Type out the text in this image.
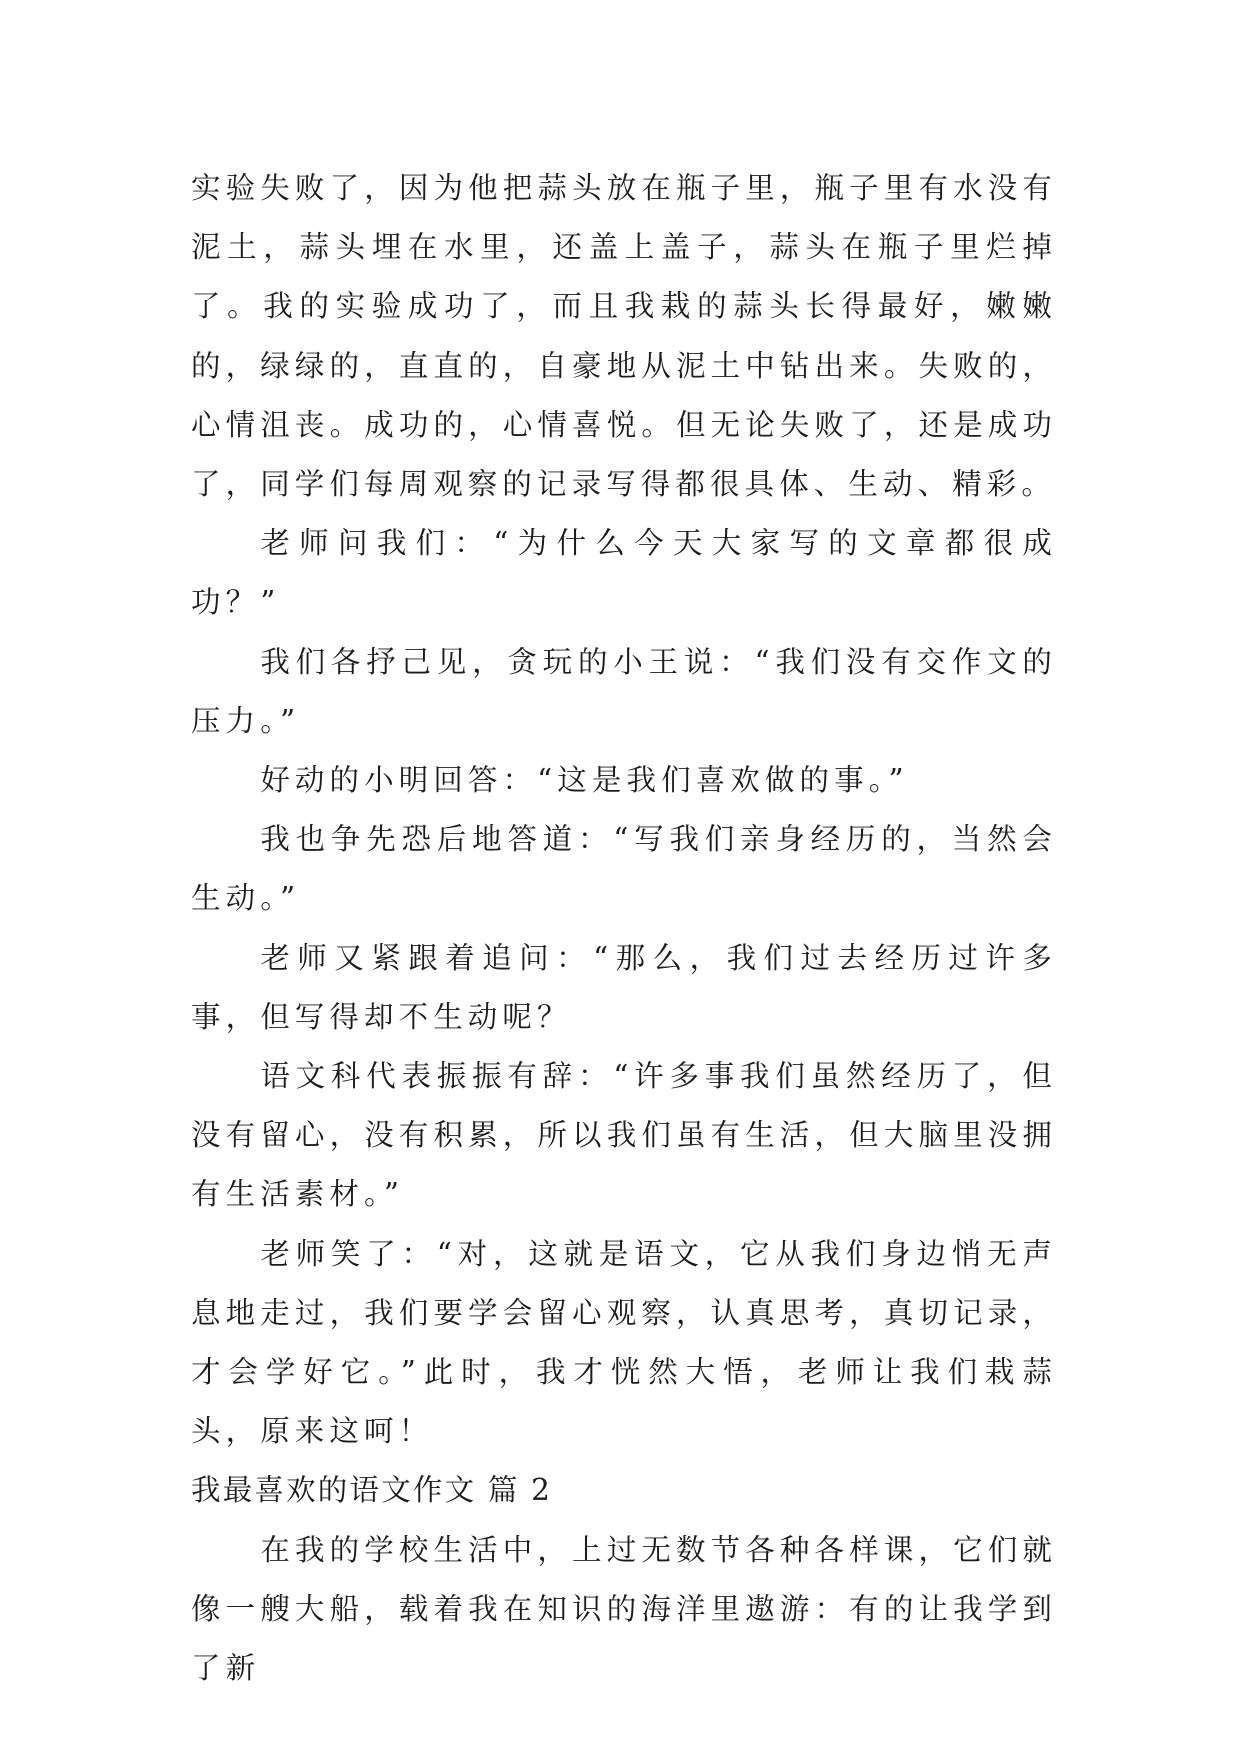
实验失败了，因为他把蒜头放在瓶子里，瓶子里有水没有泥土，蒜头埋在水里，还盖上盖子，蒜头在瓶子里烂掉了。我的实验成功了，而且我栽的蒜头长得最好，嫩嫩的，绿绿的，直直的，自豪地从泥土中钻出来。失败的，心情沮丧。成功的，心情喜悦。但无论失败了，还是成功了，同学们每周观察的记录写得都很具体、生动、精彩。

老师问我们：“为什么今天大家写的文章都很成功？”

我们各抒己见，贪玩的小王说：“我们没有交作文的压力。”

好动的小明回答：“这是我们喜欢做的事。”

我也争先恐后地答道：“写我们亲身经历的，当然会生动。”

老师又紧跟着追问：“那么，我们过去经历过许多事，但写得却不生动呢？

语文科代表振振有辞：“许多事我们虽然经历了，但没有留心，没有积累，所以我们虽有生活，但大脑里没拥有生活素材。”

老师笑了：“对，这就是语文，它从我们身边悄无声息地走过，我们要学会留心观察，认真思考，真切记录，才会学好它。”此时，我才恍然大悟，老师让我们栽蒜头，原来这呵！

我最喜欢的语文作文 篇 2

在我的学校生活中，上过无数节各种各样课，它们就像一艘大船，载着我在知识的海洋里遨游：有的让我学到了新
